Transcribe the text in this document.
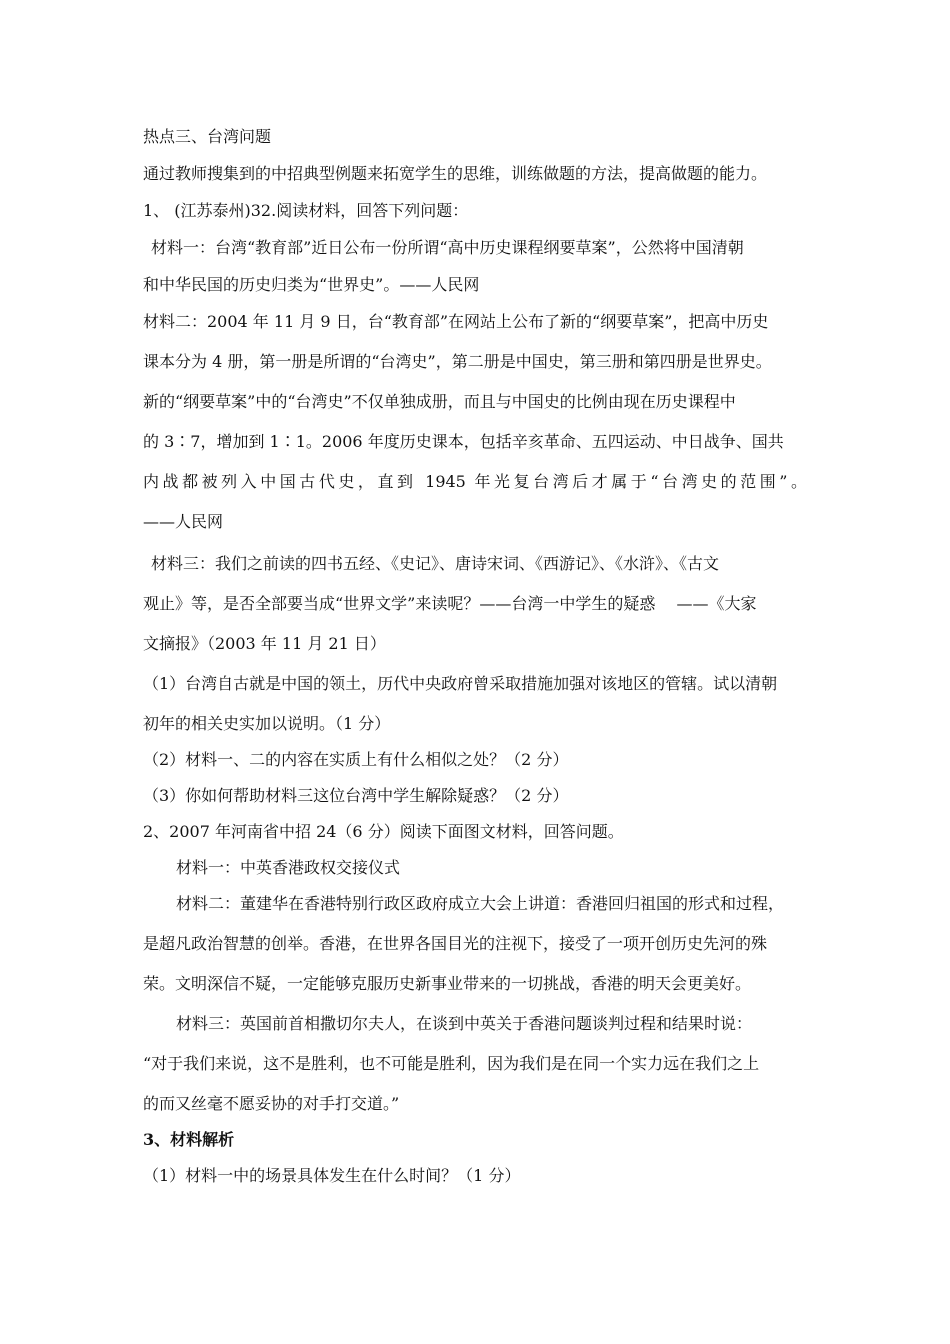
热点三、台湾问题
通过教师搜集到的中招典型例题来拓宽学生的思维，训练做题的方法，提高做题的能力。
1、 (江苏泰州)32.阅读材料，回答下列问题：
材料一：台湾“教育部”近日公布一份所谓“高中历史课程纲要草案”，公然将中国清朝
和中华民国的历史归类为“世界史”。——人民网
材料二：2004 年 11 月 9 日，台“教育部”在网站上公布了新的“纲要草案”，把高中历史
课本分为 4 册，第一册是所谓的“台湾史”，第二册是中国史，第三册和第四册是世界史。
新的“纲要草案”中的“台湾史”不仅单独成册，而且与中国史的比例由现在历史课程中
的 3∶7，增加到 1∶1。2006 年度历史课本，包括辛亥革命、五四运动、中日战争、国共
内战都被列入中国古代史，直到 1945 年光复台湾后才属于“台湾史的范围”。
——人民网
材料三：我们之前读的四书五经、《史记》、唐诗宋词、《西游记》、《水浒》、《古文
观止》等，是否全部要当成“世界文学”来读呢？——台湾一中学生的疑惑　 ——《大家
文摘报》（2003 年 11 月 21 日）
（1）台湾自古就是中国的领土，历代中央政府曾采取措施加强对该地区的管辖。试以清朝
初年的相关史实加以说明。（1 分）
（2）材料一、二的内容在实质上有什么相似之处？（2 分）
（3）你如何帮助材料三这位台湾中学生解除疑惑？（2 分）
2、2007 年河南省中招 24（6 分）阅读下面图文材料，回答问题。
材料一：中英香港政权交接仪式
材料二：董建华在香港特别行政区政府成立大会上讲道：香港回归祖国的形式和过程，
是超凡政治智慧的创举。香港，在世界各国目光的注视下，接受了一项开创历史先河的殊
荣。文明深信不疑，一定能够克服历史新事业带来的一切挑战，香港的明天会更美好。
材料三：英国前首相撒切尔夫人，在谈到中英关于香港问题谈判过程和结果时说：
“对于我们来说，这不是胜利，也不可能是胜利，因为我们是在同一个实力远在我们之上
的而又丝毫不愿妥协的对手打交道。”
3、材料解析
（1）材料一中的场景具体发生在什么时间？（1 分）
